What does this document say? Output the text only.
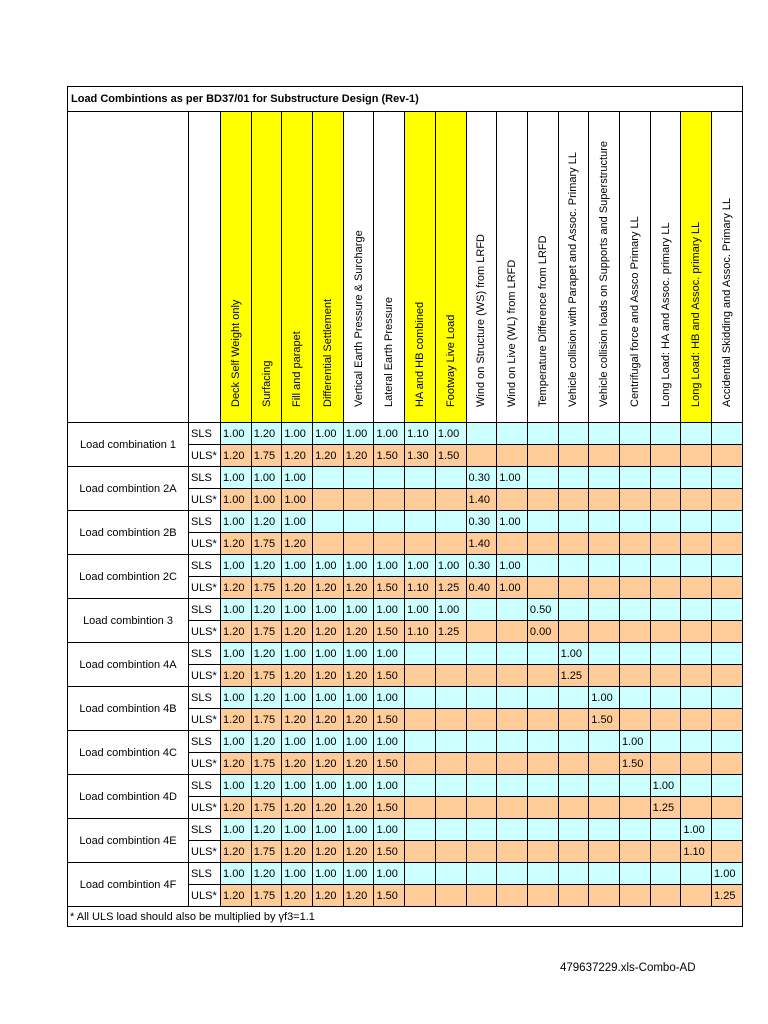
Load Combintions as per BD37/01 for Substructure Design (Rev-1)																		

		Deck Self Weight only	Surfacing	Fill and parapet	Differential Settlement	Vertical Earth Pressure & Surcharge	Lateral Earth Pressure	HA and HB combined	Footway Live Load	Wind on Structure (WS) from LRFD	Wind on Live (WL) from LRFD	Temperature Difference from LRFD	Vehicle collision with Parapet and Assoc. Primary LL	Vehicle collision loads on Supports and Superstructure	Centrifugal force and Assco Primary LL	Long Load: HA and Assoc. primary LL	Long Load: HB and Assoc. primary LL	Accidental Skidding and Assoc. Primary LL

Load combination 1	SLS	1.00	1.20	1.00	1.00	1.00	1.00	1.10	1.00									
	ULS*	1.20	1.75	1.20	1.20	1.20	1.50	1.30	1.50									
Load combintion 2A	SLS	1.00	1.00	1.00						0.30	1.00							
	ULS*	1.00	1.00	1.00						1.40								
Load combintion 2B	SLS	1.00	1.20	1.00						0.30	1.00							
	ULS*	1.20	1.75	1.20						1.40								
Load combintion 2C	SLS	1.00	1.20	1.00	1.00	1.00	1.00	1.00	1.00	0.30	1.00							
	ULS*	1.20	1.75	1.20	1.20	1.20	1.50	1.10	1.25	0.40	1.00							
Load combintion 3	SLS	1.00	1.20	1.00	1.00	1.00	1.00	1.00	1.00			0.50						
	ULS*	1.20	1.75	1.20	1.20	1.20	1.50	1.10	1.25			0.00						
Load combintion 4A	SLS	1.00	1.20	1.00	1.00	1.00	1.00						1.00					
	ULS*	1.20	1.75	1.20	1.20	1.20	1.50						1.25					
Load combintion 4B	SLS	1.00	1.20	1.00	1.00	1.00	1.00							1.00				
	ULS*	1.20	1.75	1.20	1.20	1.20	1.50							1.50				
Load combintion 4C	SLS	1.00	1.20	1.00	1.00	1.00	1.00								1.00			
	ULS*	1.20	1.75	1.20	1.20	1.20	1.50								1.50			
Load combintion 4D	SLS	1.00	1.20	1.00	1.00	1.00	1.00									1.00		
	ULS*	1.20	1.75	1.20	1.20	1.20	1.50									1.25		
Load combintion 4E	SLS	1.00	1.20	1.00	1.00	1.00	1.00										1.00	
	ULS*	1.20	1.75	1.20	1.20	1.20	1.50										1.10	
Load combintion 4F	SLS	1.00	1.20	1.00	1.00	1.00	1.00											1.00
	ULS*	1.20	1.75	1.20	1.20	1.20	1.50											1.25
* All ULS load should also be multiplied by γf3=1.1																		
479637229.xls-Combo-AD
